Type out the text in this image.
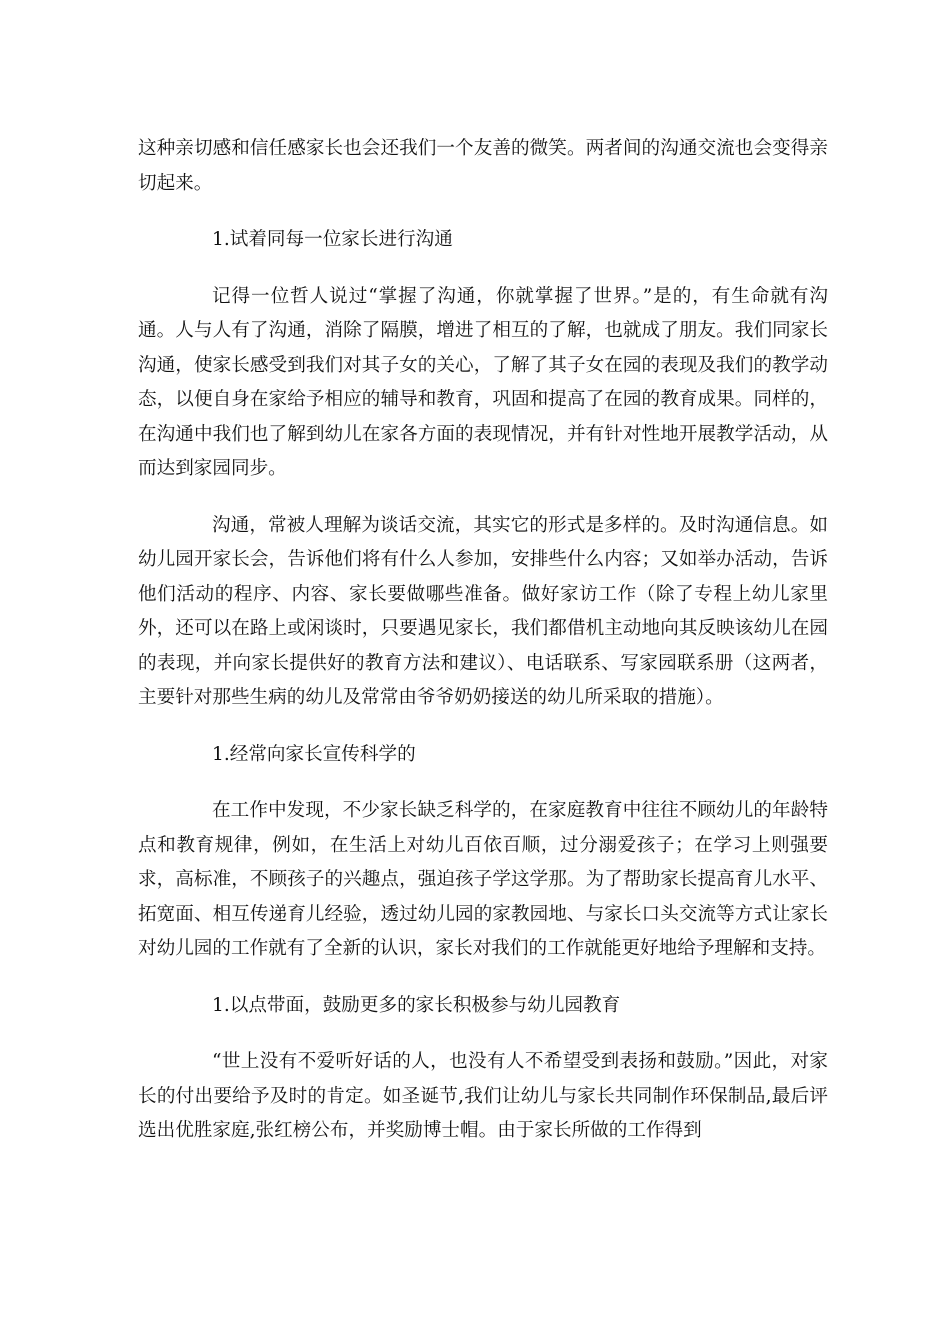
这种亲切感和信任感家长也会还我们一个友善的微笑。两者间的沟通交流也会变得亲切起来。

1.试着同每一位家长进行沟通

记得一位哲人说过“掌握了沟通，你就掌握了世界。”是的，有生命就有沟通。人与人有了沟通，消除了隔膜，增进了相互的了解，也就成了朋友。我们同家长沟通，使家长感受到我们对其子女的关心，了解了其子女在园的表现及我们的教学动态，以便自身在家给予相应的辅导和教育，巩固和提高了在园的教育成果。同样的，在沟通中我们也了解到幼儿在家各方面的表现情况，并有针对性地开展教学活动，从而达到家园同步。

沟通，常被人理解为谈话交流，其实它的形式是多样的。及时沟通信息。如幼儿园开家长会，告诉他们将有什么人参加，安排些什么内容；又如举办活动，告诉他们活动的程序、内容、家长要做哪些准备。做好家访工作（除了专程上幼儿家里外，还可以在路上或闲谈时，只要遇见家长，我们都借机主动地向其反映该幼儿在园的表现，并向家长提供好的教育方法和建议）、电话联系、写家园联系册（这两者，主要针对那些生病的幼儿及常常由爷爷奶奶接送的幼儿所采取的措施）。

1.经常向家长宣传科学的

在工作中发现，不少家长缺乏科学的，在家庭教育中往往不顾幼儿的年龄特点和教育规律，例如，在生活上对幼儿百依百顺，过分溺爱孩子；在学习上则强要求，高标准，不顾孩子的兴趣点，强迫孩子学这学那。为了帮助家长提高育儿水平、拓宽面、相互传递育儿经验，透过幼儿园的家教园地、与家长口头交流等方式让家长对幼儿园的工作就有了全新的认识，家长对我们的工作就能更好地给予理解和支持。

1.以点带面，鼓励更多的家长积极参与幼儿园教育

“世上没有不爱听好话的人，也没有人不希望受到表扬和鼓励。”因此，对家长的付出要给予及时的肯定。如圣诞节,我们让幼儿与家长共同制作环保制品,最后评选出优胜家庭,张红榜公布，并奖励博士帽。由于家长所做的工作得到
